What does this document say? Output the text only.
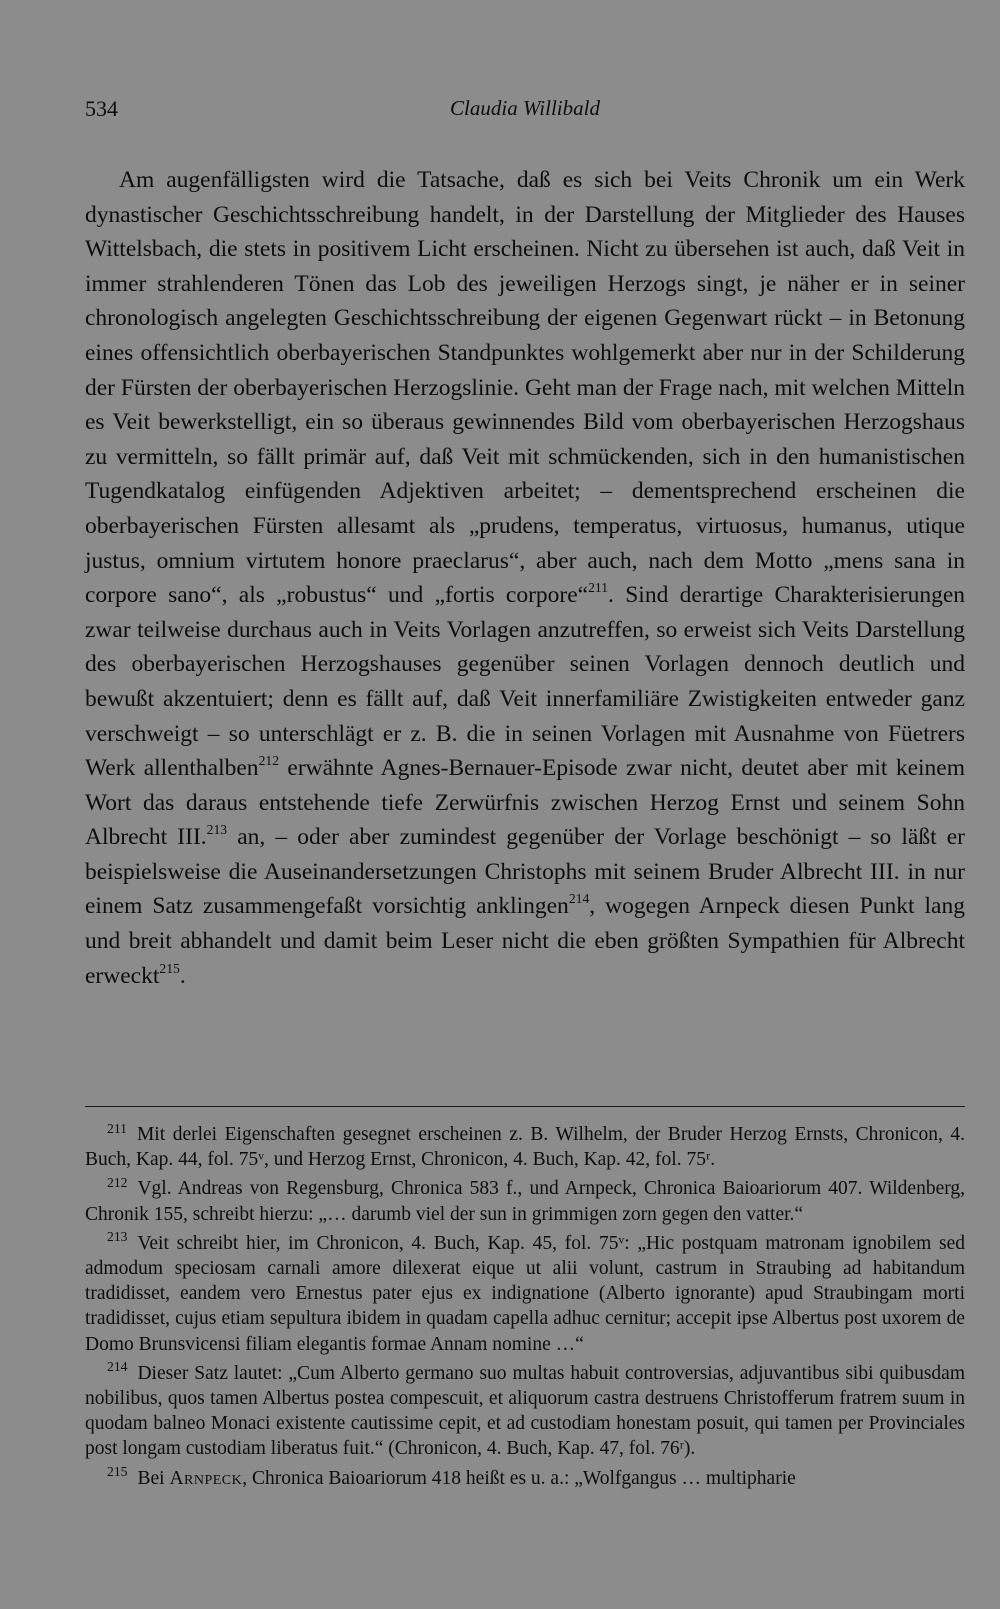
534	Claudia Willibald

Am augenfälligsten wird die Tatsache, daß es sich bei Veits Chronik um ein Werk dynastischer Geschichtsschreibung handelt, in der Darstellung der Mitglieder des Hauses Wittelsbach, die stets in positivem Licht erscheinen. Nicht zu übersehen ist auch, daß Veit in immer strahlenderen Tönen das Lob des jeweiligen Herzogs singt, je näher er in seiner chronologisch angelegten Geschichtsschreibung der eigenen Gegenwart rückt – in Betonung eines offensichtlich oberbayerischen Standpunktes wohlgemerkt aber nur in der Schilderung der Fürsten der oberbayerischen Herzogslinie. Geht man der Frage nach, mit welchen Mitteln es Veit bewerkstelligt, ein so überaus gewinnendes Bild vom oberbayerischen Herzogshaus zu vermitteln, so fällt primär auf, daß Veit mit schmückenden, sich in den humanistischen Tugendkatalog einfügenden Adjektiven arbeitet; – dementsprechend erscheinen die oberbayerischen Fürsten allesamt als „prudens, temperatus, virtuosus, humanus, utique justus, omnium virtutem honore praeclarus“, aber auch, nach dem Motto „mens sana in corpore sano“, als „robustus“ und „fortis corpore“$^{211}$. Sind derartige Charakterisierungen zwar teilweise durchaus auch in Veits Vorlagen anzutreffen, so erweist sich Veits Darstellung des oberbayerischen Herzogshauses gegenüber seinen Vorlagen dennoch deutlich und bewußt akzentuiert; denn es fällt auf, daß Veit innerfamiliäre Zwistigkeiten entweder ganz verschweigt – so unterschlägt er z. B. die in seinen Vorlagen mit Ausnahme von Füetrers Werk allenthalben$^{212}$ erwähnte Agnes-Bernauer-Episode zwar nicht, deutet aber mit keinem Wort das daraus entstehende tiefe Zerwürfnis zwischen Herzog Ernst und seinem Sohn Albrecht III.$^{213}$ an, – oder aber zumindest gegenüber der Vorlage beschönigt – so läßt er beispielsweise die Auseinandersetzungen Christophs mit seinem Bruder Albrecht III. in nur einem Satz zusammengefaßt vorsichtig anklingen$^{214}$, wogegen Arnpeck diesen Punkt lang und breit abhandelt und damit beim Leser nicht die eben größten Sympathien für Albrecht erweckt$^{215}$.

$^{211}$ Mit derlei Eigenschaften gesegnet erscheinen z. B. Wilhelm, der Bruder Herzog Ernsts, Chronicon, 4. Buch, Kap. 44, fol. 75ᵛ, und Herzog Ernst, Chronicon, 4. Buch, Kap. 42, fol. 75ʳ.

$^{212}$ Vgl. Andreas von Regensburg, Chronica 583 f., und Arnpeck, Chronica Baioariorum 407. Wildenberg, Chronik 155, schreibt hierzu: „… darumb viel der sun in grimmigen zorn gegen den vatter.“

$^{213}$ Veit schreibt hier, im Chronicon, 4. Buch, Kap. 45, fol. 75ᵛ: „Hic postquam matronam ignobilem sed admodum speciosam carnali amore dilexerat eique ut alii volunt, castrum in Straubing ad habitandum tradidisset, eandem vero Ernestus pater ejus ex indignatione (Alberto ignorante) apud Straubingam morti tradidisset, cujus etiam sepultura ibidem in quadam capella adhuc cernitur; accepit ipse Albertus post uxorem de Domo Brunsvicensi filiam elegantis formae Annam nomine …“

$^{214}$ Dieser Satz lautet: „Cum Alberto germano suo multas habuit controversias, adjuvantibus sibi quibusdam nobilibus, quos tamen Albertus postea compescuit, et aliquorum castra destruens Christofferum fratrem suum in quodam balneo Monaci existente cautissime cepit, et ad custodiam honestam posuit, qui tamen per Provinciales post longam custodiam liberatus fuit.“ (Chronicon, 4. Buch, Kap. 47, fol. 76ʳ).

$^{215}$ Bei Arnpeck, Chronica Baioariorum 418 heißt es u. a.: „Wolfgangus … multipharie
